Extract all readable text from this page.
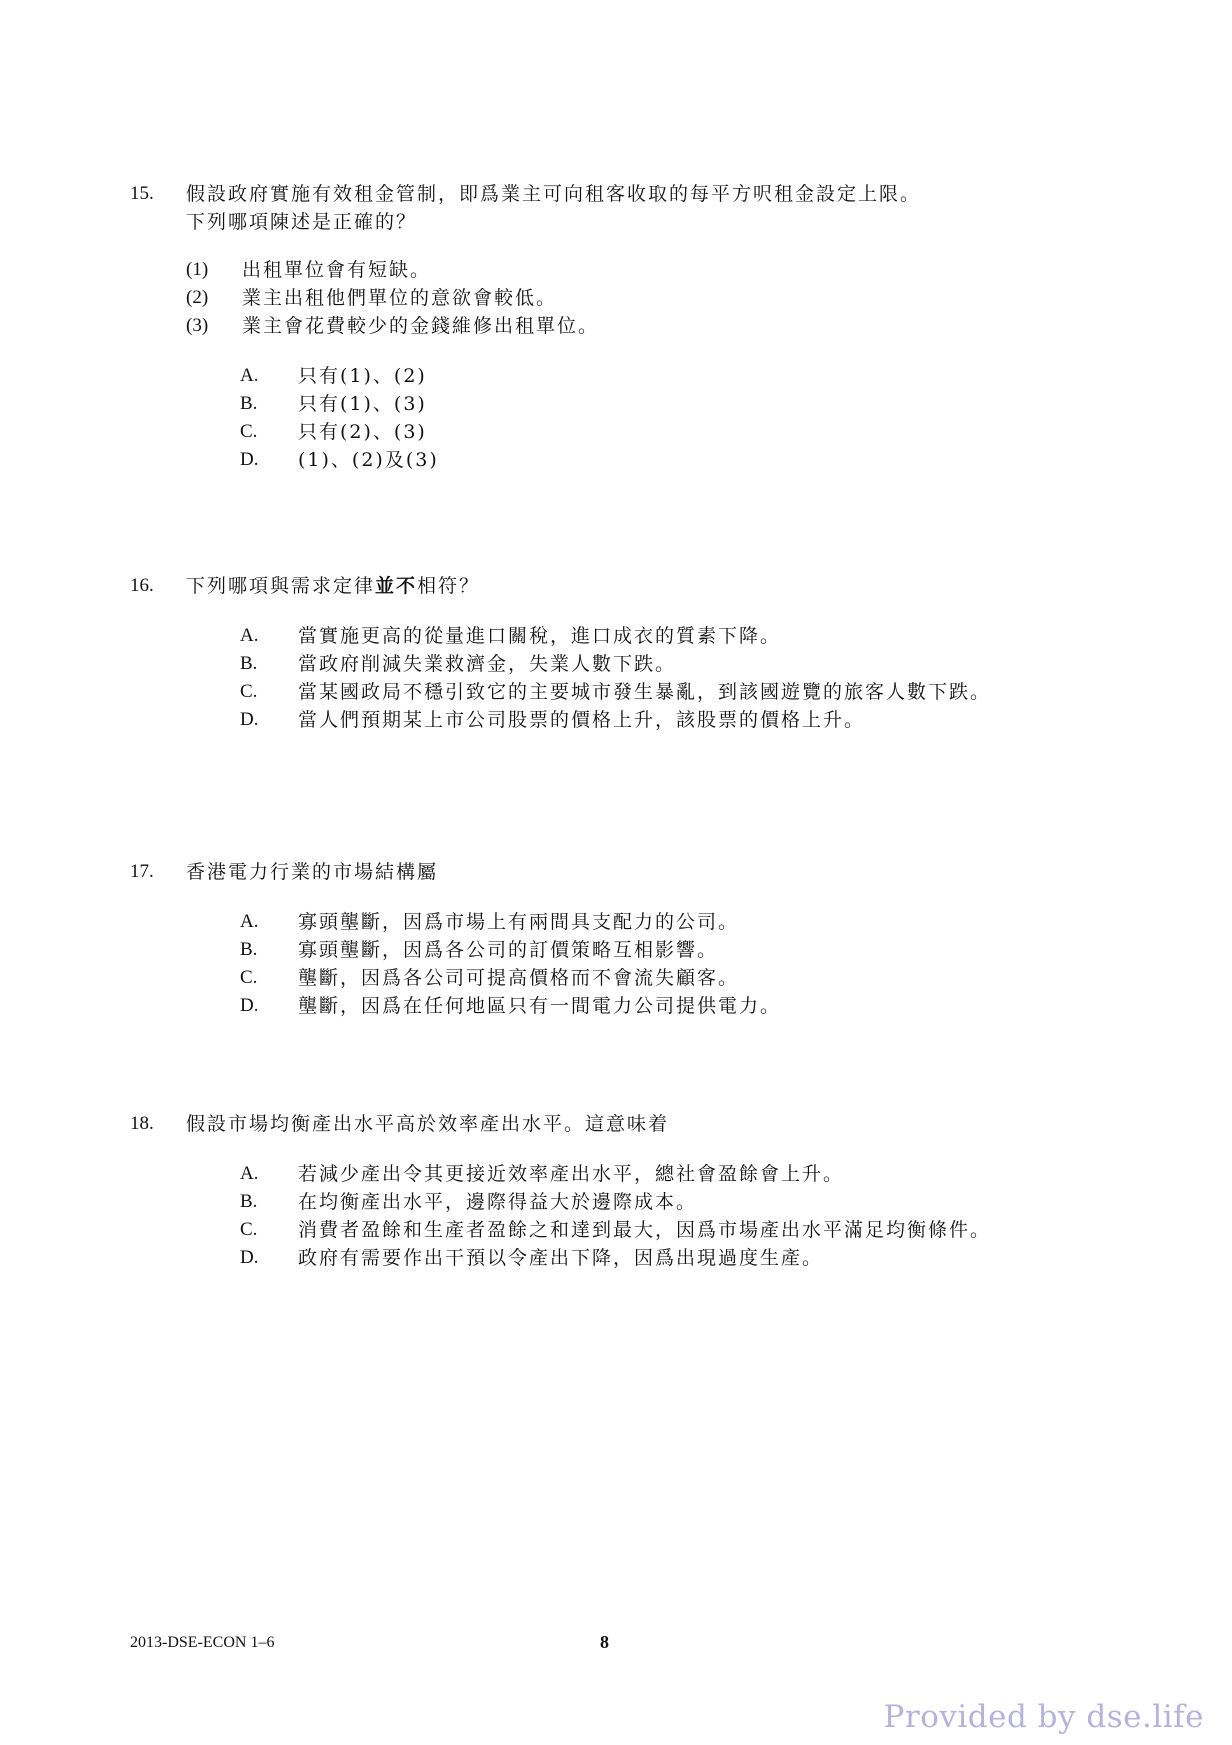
15.	假設政府實施有效租金管制，即爲業主可向租客收取的每平方呎租金設定上限。
下列哪項陳述是正確的？
(1)	出租單位會有短缺。
(2)	業主出租他們單位的意欲會較低。
(3)	業主會花費較少的金錢維修出租單位。
A.	只有(1)、(2)
B.	只有(1)、(3)
C.	只有(2)、(3)
D.	(1)、(2)及(3)
16.	下列哪項與需求定律並不相符？
A.	當實施更高的從量進口關稅，進口成衣的質素下降。
B.	當政府削減失業救濟金，失業人數下跌。
C.	當某國政局不穩引致它的主要城市發生暴亂，到該國遊覽的旅客人數下跌。
D.	當人們預期某上市公司股票的價格上升，該股票的價格上升。
17.	香港電力行業的市場結構屬
A.	寡頭壟斷，因爲市場上有兩間具支配力的公司。
B.	寡頭壟斷，因爲各公司的訂價策略互相影響。
C.	壟斷，因爲各公司可提高價格而不會流失顧客。
D.	壟斷，因爲在任何地區只有一間電力公司提供電力。
18.	假設市場均衡產出水平高於效率產出水平。這意味着
A.	若減少產出令其更接近效率產出水平，總社會盈餘會上升。
B.	在均衡產出水平，邊際得益大於邊際成本。
C.	消費者盈餘和生產者盈餘之和達到最大，因爲市場產出水平滿足均衡條件。
D.	政府有需要作出干預以令產出下降，因爲出現過度生產。
2013-DSE-ECON 1–6	8
Provided by dse.life
